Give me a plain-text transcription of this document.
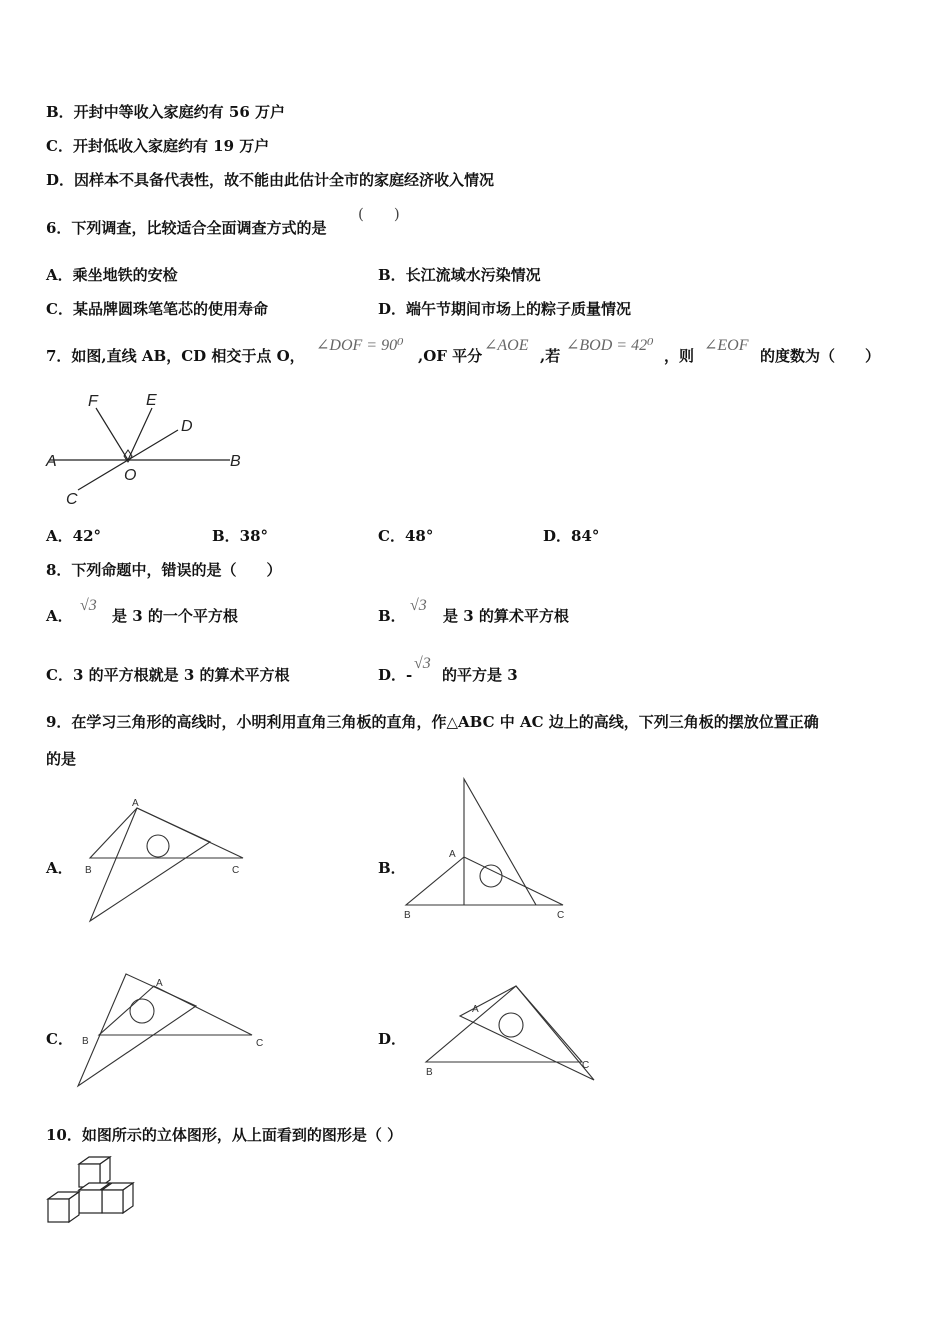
B．开封中等收入家庭约有 56 万户
C．开封低收入家庭约有 19 万户
D．因样本不具备代表性，故不能由此估计全市的家庭经济收入情况
6．下列调查，比较适合全面调查方式的是
(　　)
A．乘坐地铁的安检	B．长江流域水污染情况
C．某品牌圆珠笔笔芯的使用寿命	D．端午节期间市场上的粽子质量情况
7．如图,直线 AB，CD 相交于点 O，
∠DOF = 90⁰
,OF 平分
∠AOE
,若
∠BOD = 42⁰
，则
∠EOF
的度数为（　　）
F	E
D
A
O
B
C
A．42°	B．38°	C．48°	D．84°
8．下列命题中，错误的是（　　）
A．
√3
是 3 的一个平方根	B．
√3
是 3 的算术平方根
C．3 的平方根就是 3 的算术平方根	D．-
√3
的平方是 3
9．在学习三角形的高线时，小明利用直角三角板的直角，作△ABC 中 AC 边上的高线，下列三角板的摆放位置正确
的是
A．
A
B	C	B．
A
B	C
C．
A
B	C	D．
A
B
C
10．如图所示的立体图形，从上面看到的图形是（ ）
